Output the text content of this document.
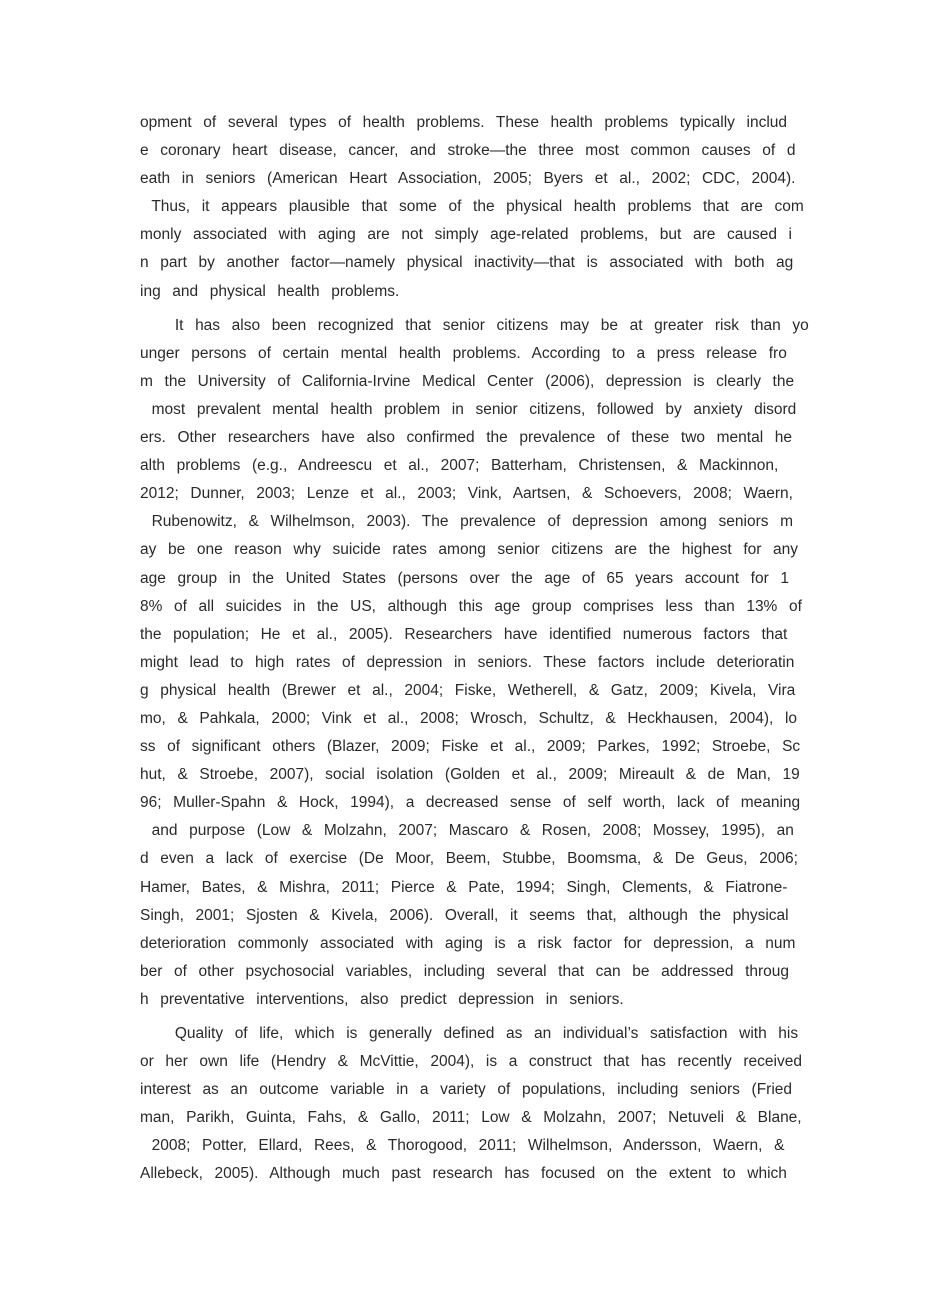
opment  of  several  types  of  health  problems.  These  health  problems  typically  includ
e  coronary  heart  disease,  cancer,  and  stroke—the  three  most  common  causes  of  d
eath  in  seniors  (American  Heart  Association,  2005;  Byers  et  al.,  2002;  CDC,  2004).
Thus,  it  appears  plausible  that  some  of  the  physical  health  problems  that  are  com
monly  associated  with  aging  are  not  simply  age-related  problems,  but  are  caused  i
n  part  by  another  factor—namely  physical  inactivity—that  is  associated  with  both  ag
ing  and  physical  health  problems.
It  has  also  been  recognized  that  senior  citizens  may  be  at  greater  risk  than  yo
unger  persons  of  certain  mental  health  problems.  According  to  a  press  release  fro
m  the  University  of  California-Irvine  Medical  Center  (2006),  depression  is  clearly  the
most  prevalent  mental  health  problem  in  senior  citizens,  followed  by  anxiety  disord
ers.  Other  researchers  have  also  confirmed  the  prevalence  of  these  two  mental  he
alth  problems  (e.g.,  Andreescu  et  al.,  2007;  Batterham,  Christensen,  &  Mackinnon,
2012;  Dunner,  2003;  Lenze  et  al.,  2003;  Vink,  Aartsen,  &  Schoevers,  2008;  Waern,
Rubenowitz,  &  Wilhelmson,  2003).  The  prevalence  of  depression  among  seniors  m
ay  be  one  reason  why  suicide  rates  among  senior  citizens  are  the  highest  for  any
age  group  in  the  United  States  (persons  over  the  age  of  65  years  account  for  1
8%  of  all  suicides  in  the  US,  although  this  age  group  comprises  less  than  13%  of
the  population;  He  et  al.,  2005).  Researchers  have  identified  numerous  factors  that
might  lead  to  high  rates  of  depression  in  seniors.  These  factors  include  deterioratin
g  physical  health  (Brewer  et  al.,  2004;  Fiske,  Wetherell,  &  Gatz,  2009;  Kivela,  Vira
mo,  &  Pahkala,  2000;  Vink  et  al.,  2008;  Wrosch,  Schultz,  &  Heckhausen,  2004),  lo
ss  of  significant  others  (Blazer,  2009;  Fiske  et  al.,  2009;  Parkes,  1992;  Stroebe,  Sc
hut,  &  Stroebe,  2007),  social  isolation  (Golden  et  al.,  2009;  Mireault  &  de  Man,  19
96;  Muller-Spahn  &  Hock,  1994),  a  decreased  sense  of  self  worth,  lack  of  meaning
and  purpose  (Low  &  Molzahn,  2007;  Mascaro  &  Rosen,  2008;  Mossey,  1995),  an
d  even  a  lack  of  exercise  (De  Moor,  Beem,  Stubbe,  Boomsma,  &  De  Geus,  2006;
Hamer,  Bates,  &  Mishra,  2011;  Pierce  &  Pate,  1994;  Singh,  Clements,  &  Fiatrone-
Singh,  2001;  Sjosten  &  Kivela,  2006).  Overall,  it  seems  that,  although  the  physical
deterioration  commonly  associated  with  aging  is  a  risk  factor  for  depression,  a  num
ber  of  other  psychosocial  variables,  including  several  that  can  be  addressed  throug
h  preventative  interventions,  also  predict  depression  in  seniors.
Quality  of  life,  which  is  generally  defined  as  an  individual’s  satisfaction  with  his
or  her  own  life  (Hendry  &  McVittie,  2004),  is  a  construct  that  has  recently  received
interest  as  an  outcome  variable  in  a  variety  of  populations,  including  seniors  (Fried
man,  Parikh,  Guinta,  Fahs,  &  Gallo,  2011;  Low  &  Molzahn,  2007;  Netuveli  &  Blane,
2008;  Potter,  Ellard,  Rees,  &  Thorogood,  2011;  Wilhelmson,  Andersson,  Waern,  &
Allebeck,  2005).  Although  much  past  research  has  focused  on  the  extent  to  which
